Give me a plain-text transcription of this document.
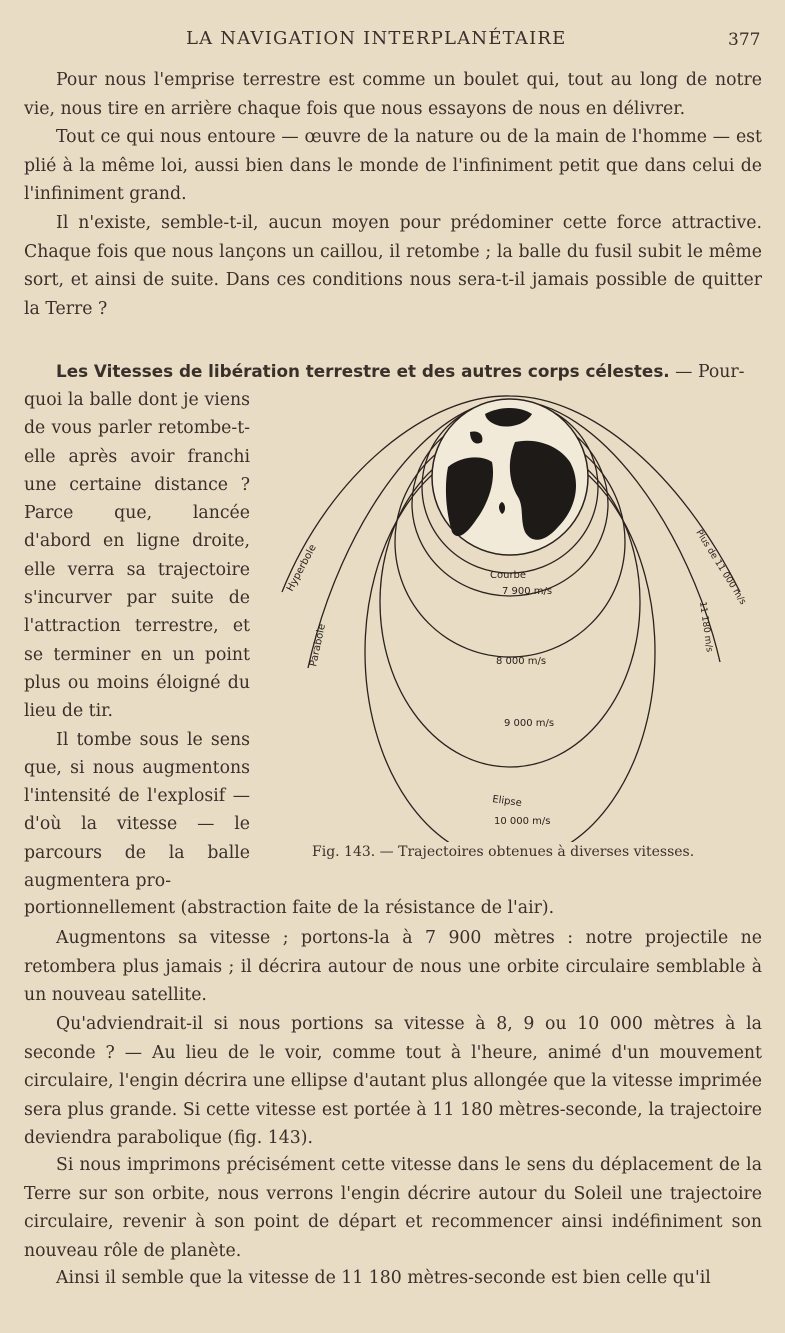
LA NAVIGATION INTERPLANÉTAIRE	377

Pour nous l'emprise terrestre est comme un boulet qui, tout au long de notre vie, nous tire en arrière chaque fois que nous essayons de nous en délivrer.

Tout ce qui nous entoure — œuvre de la nature ou de la main de l'homme — est plié à la même loi, aussi bien dans le monde de l'infiniment petit que dans celui de l'infiniment grand.

Il n'existe, semble-t-il, aucun moyen pour prédominer cette force attractive. Chaque fois que nous lançons un caillou, il retombe ; la balle du fusil subit le même sort, et ainsi de suite. Dans ces conditions nous sera-t-il jamais possible de quitter la Terre ?

Les Vitesses de libération terrestre et des autres corps célestes. — Pour-

quoi la balle dont je viens de vous parler retombe-t-elle après avoir franchi une certaine distance ? Parce que, lancée d'abord en ligne droite, elle verra sa trajectoire s'incurver par suite de l'attraction terrestre, et se terminer en un point plus ou moins éloigné du lieu de tir.

Il tombe sous le sens que, si nous augmentons l'intensité de l'explosif — d'où la vitesse — le parcours de la balle augmentera pro-

Courbe
7 900 m/s
8 000 m/s
9 000 m/s
Elipse
10 000 m/s
Hyperbole
Parabole
Plus de 11 000 m/s
11 180 m/s
Fig. 143. — Trajectoires obtenues à diverses vitesses.

portionnellement (abstraction faite de la résistance de l'air).

Augmentons sa vitesse ; portons-la à 7 900 mètres : notre projectile ne retombera plus jamais ; il décrira autour de nous une orbite circulaire semblable à un nouveau satellite.

Qu'adviendrait-il si nous portions sa vitesse à 8, 9 ou 10 000 mètres à la seconde ? — Au lieu de le voir, comme tout à l'heure, animé d'un mouvement circulaire, l'engin décrira une ellipse d'autant plus allongée que la vitesse imprimée sera plus grande. Si cette vitesse est portée à 11 180 mètres-seconde, la trajectoire deviendra parabolique (fig. 143).

Si nous imprimons précisément cette vitesse dans le sens du déplacement de la Terre sur son orbite, nous verrons l'engin décrire autour du Soleil une trajectoire circulaire, revenir à son point de départ et recommencer ainsi indéfiniment son nouveau rôle de planète.

Ainsi il semble que la vitesse de 11 180 mètres-seconde est bien celle qu'il
